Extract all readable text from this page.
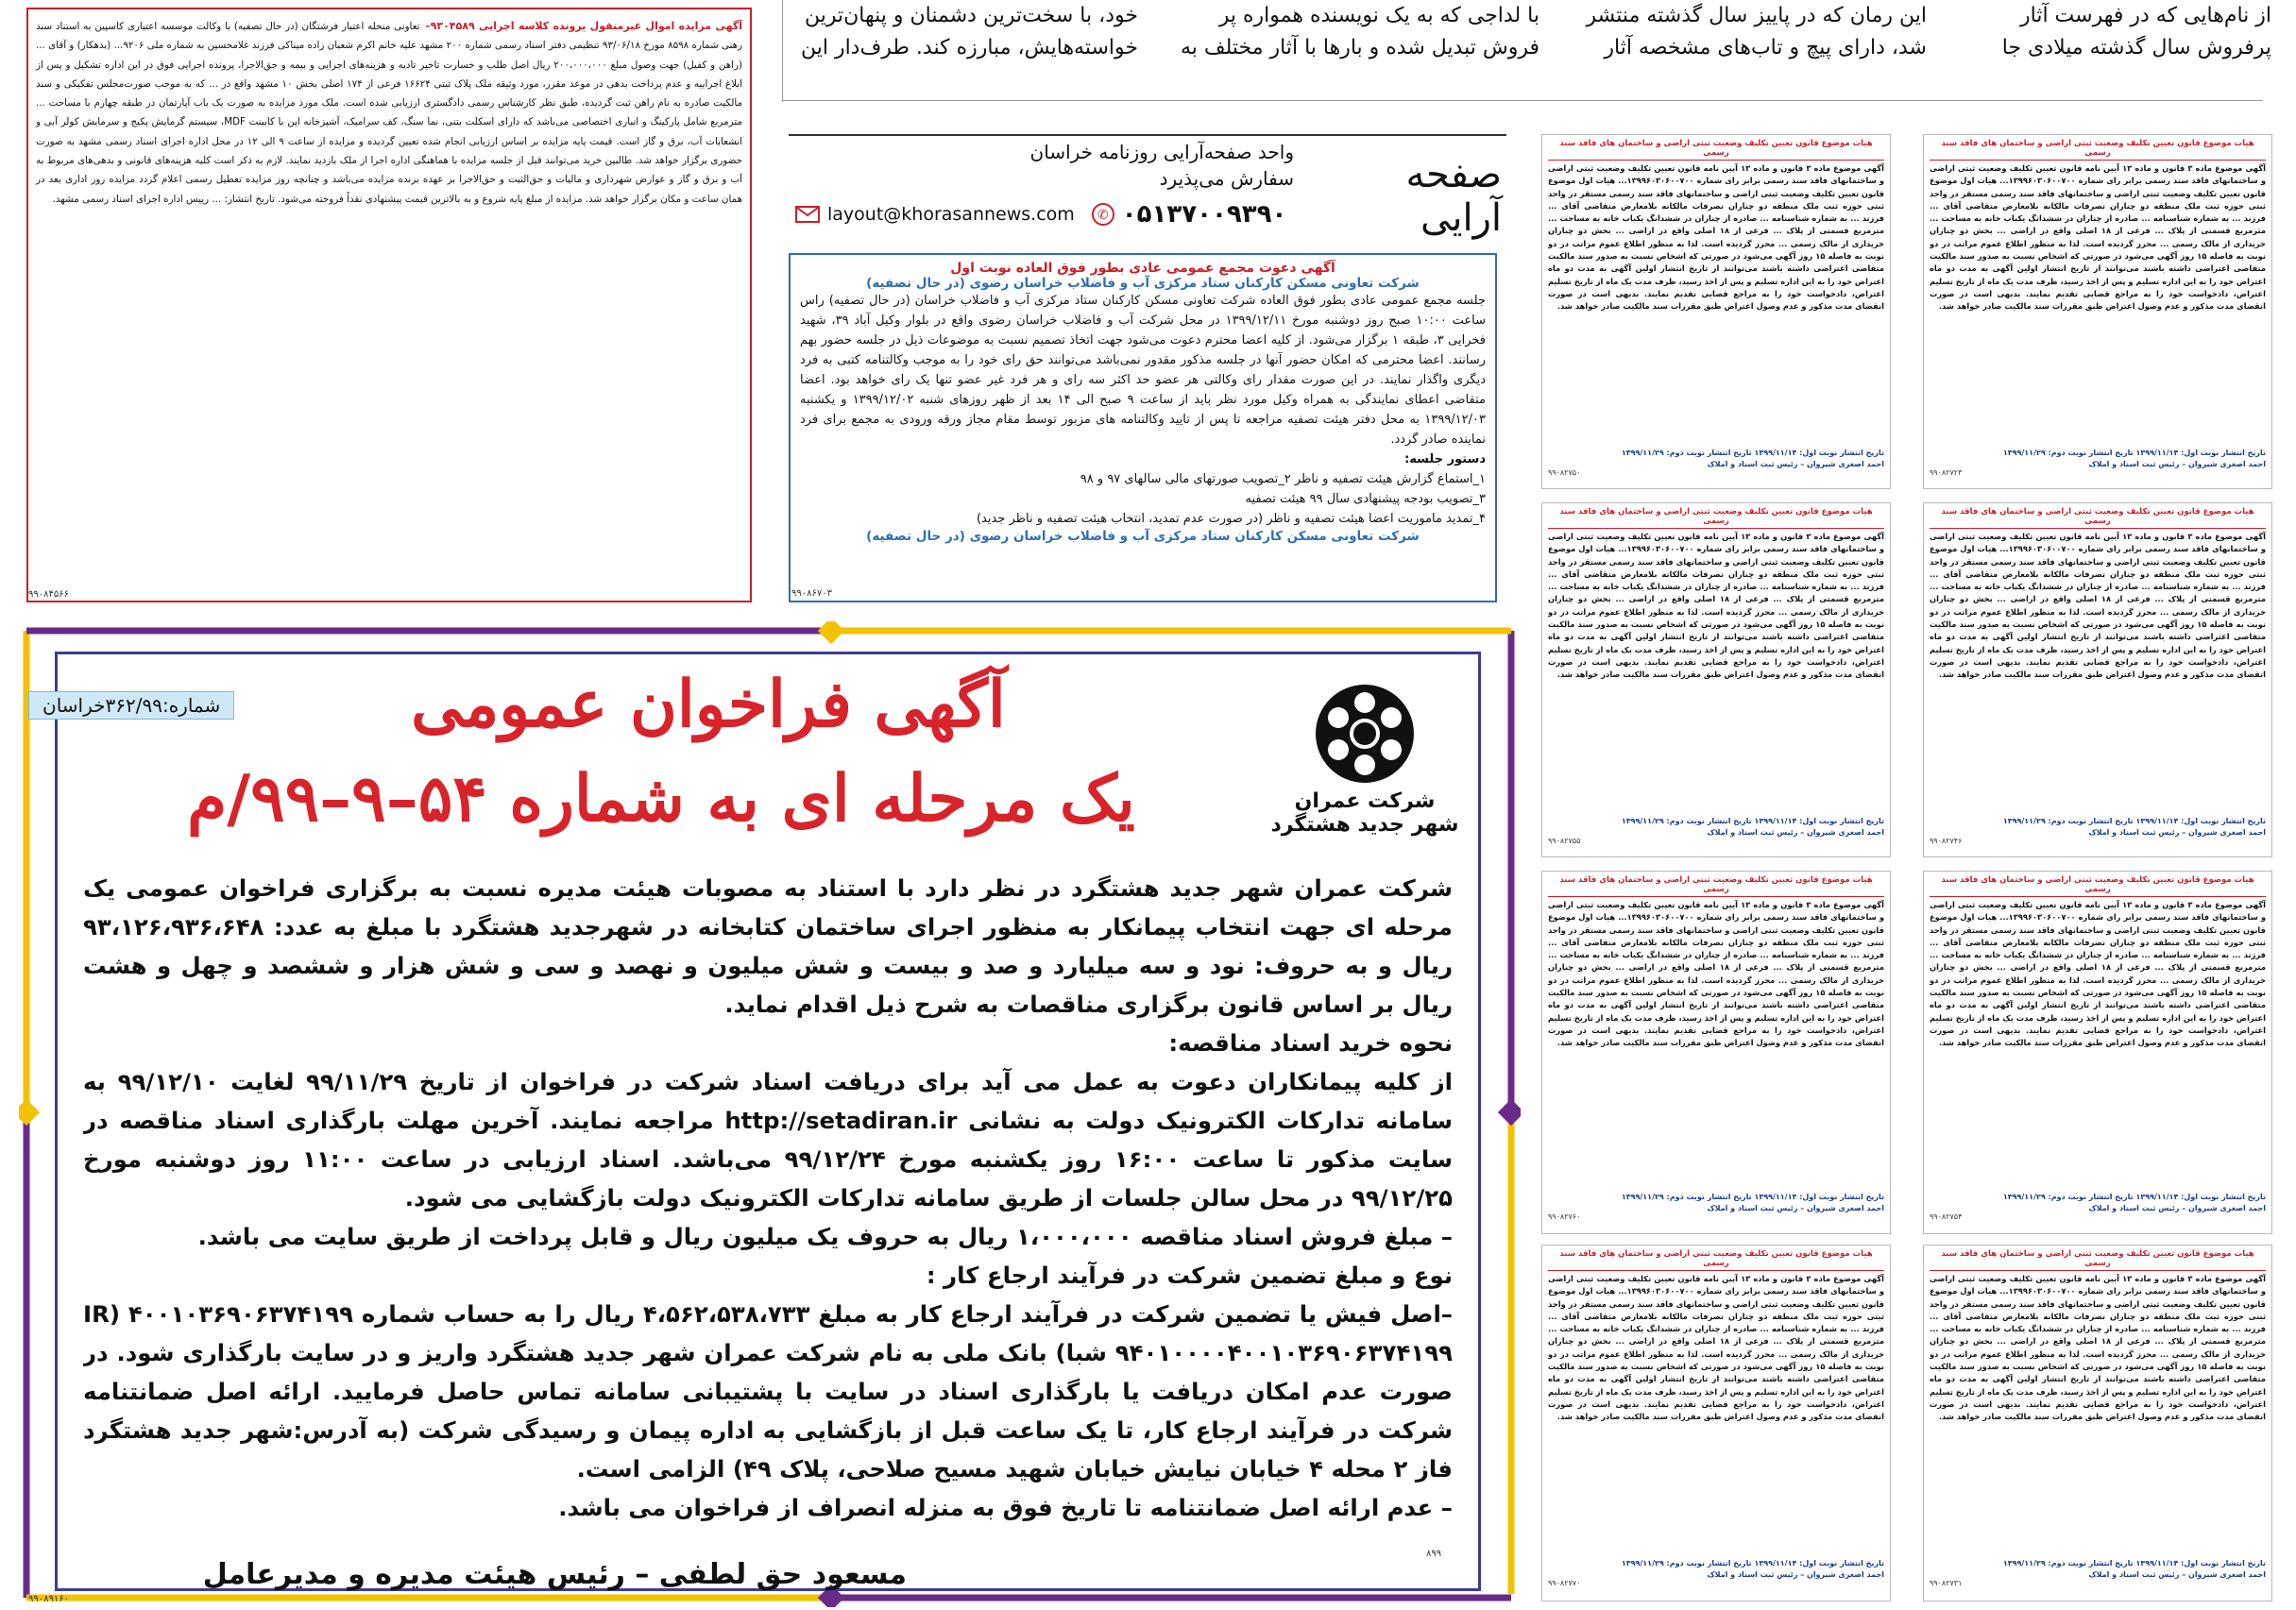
خود، با سخت‌ترین دشمنان و پنهان‌ترین خواسته‌هایش، مبارزه کند. طرف‌دار این
با لدا‌جی که به یک نویسنده همواره پر فروش تبدیل شده و بارها با آثار مختلف به
این رمان که در پاییز سال گذشته منتشر شد، دارای پیچ و تاب‌های مشخصه آثار
از نام‌هایی که در فهرست آثار پرفروش سال گذشته میلادی جا
آگهی مزایده اموال غیرمنقول پرونده کلاسه اجرایی ۹۳۰۴۵۸۹– تعاونی منحله اعتبار فرشتگان (در حال تصفیه) با وکالت موسسه اعتباری کاسپین به استناد سند رهنی شماره ۸۵۹۸ مورخ ۹۳/۰۶/۱۸ تنظیمی دفتر اسناد رسمی شماره ۲۰۰ مشهد علیه خانم اکرم شعبان زاده میناکی فرزند غلامحسین به شماره ملی ۹۲۰۶... (بدهکار) و آقای ... (راهن و کفیل) جهت وصول مبلغ ۲۰۰،۰۰۰،۰۰۰ ریال اصل طلب و خسارت تاخیر تادیه و هزینه‌های اجرایی و بیمه و حق‌الاجرا، پرونده اجرایی فوق در این اداره تشکیل و پس از ابلاغ اجراییه و عدم پرداخت بدهی در موعد مقرر، مورد وثیقه ملک پلاک ثبتی ۱۶۶۲۴ فرعی از ۱۷۴ اصلی بخش ۱۰ مشهد واقع در ... که به موجب صورت‌مجلس تفکیکی و سند مالکیت صادره به نام راهن ثبت گردیده، طبق نظر کارشناس رسمی دادگستری ارزیابی شده است. ملک مورد مزایده به صورت یک باب آپارتمان در طبقه چهارم با مساحت ... مترمربع شامل پارکینگ و انباری اختصاصی می‌باشد که دارای اسکلت بتنی، نما سنگ، کف سرامیک، آشپزخانه اپن با کابینت MDF، سیستم گرمایش پکیج و سرمایش کولر آبی و انشعابات آب، برق و گاز است. قیمت پایه مزایده بر اساس ارزیابی انجام شده تعیین گردیده و مزایده از ساعت ۹ الی ۱۲ در محل اداره اجرای اسناد رسمی مشهد به صورت حضوری برگزار خواهد شد. طالبین خرید می‌توانند قبل از جلسه مزایده با هماهنگی اداره اجرا از ملک بازدید نمایند. لازم به ذکر است کلیه هزینه‌های قانونی و بدهی‌های مربوط به آب و برق و گاز و عوارض شهرداری و مالیات و حق‌الثبت و حق‌الاجرا بر عهده برنده مزایده می‌باشد و چنانچه روز مزایده تعطیل رسمی اعلام گردد مزایده روز اداری بعد در همان ساعت و مکان برگزار خواهد شد. مزایده از مبلغ پایه شروع و به بالاترین قیمت پیشنهادی نقداً فروخته می‌شود. تاریخ انتشار: ... رییس اداره اجرای اسناد رسمی مشهد.
۹۹۰۸۴۵۶۶
صفحه آرایی
واحد صفحه‌آرایی روزنامه خراسان
سفارش می‌پذیرد
layout@khorasannews.com	✆ ۰۵۱۳۷۰۰۹۳۹۰
آگهی دعوت مجمع عمومی عادی بطور فوق العاده نوبت اول
شرکت تعاونی مسکن کارکنان ستاد مرکزی آب و فاضلاب خراسان رضوی (در حال تصفیه)
جلسه مجمع عمومی عادی بطور فوق العاده شرکت تعاونی مسکن کارکنان ستاد مرکزی آب و فاضلاب خراسان (در حال تصفیه) راس ساعت ۱۰:۰۰ صبح روز دوشنبه مورخ ۱۳۹۹/۱۲/۱۱ در محل شرکت آب و فاضلاب خراسان رضوی واقع در بلوار وکیل آباد ۳۹، شهید فخرایی ۳، طبقه ۱ برگزار می‌شود. از کلیه اعضا محترم دعوت می‌شود جهت اتخاذ تصمیم نسبت به موضوعات ذیل در جلسه حضور بهم رسانند. اعضا محترمی که امکان حضور آنها در جلسه مذکور مقدور نمی‌باشد می‌توانند حق رای خود را به موجب وکالتنامه کتبی به فرد دیگری واگذار نمایند. در این صورت مقدار رای وکالتی هر عضو حد اکثر سه رای و هر فرد غیر عضو تنها یک رای خواهد بود. اعضا متقاضی اعطای نمایندگی به همراه وکیل مورد نظر باید از ساعت ۹ صبح الی ۱۴ بعد از ظهر روزهای شنبه ۱۳۹۹/۱۲/۰۲ و یکشنبه ۱۳۹۹/۱۲/۰۳ به محل دفتر هیئت تصفیه مراجعه تا پس از تایید وکالتنامه های مزبور توسط مقام مجاز ورقه ورودی به مجمع برای فرد نماینده صادر گردد.
دستور جلسه:
۱_استماع گزارش هیئت تصفیه و ناظر ۲_تصویب صورتهای مالی سالهای ۹۷ و ۹۸
۳_تصویب بودجه پیشنهادی سال ۹۹ هیئت تصفیه
۴_تمدید ماموریت اعضا هیئت تصفیه و ناظر (در صورت عدم تمدید، انتخاب هیئت تصفیه و ناظر جدید)
شرکت تعاونی مسکن کارکنان ستاد مرکزی آب و فاضلاب خراسان رضوی (در حال تصفیه)
۹۹۰۸۶۷۰۳
هیات موضوع قانون تعیین تکلیف وضعیت ثبتی اراضی و ساختمان های فاقد سند رسمی
آگهی موضوع ماده ۳ قانون و ماده ۱۳ آیین نامه قانون تعیین تکلیف وضعیت ثبتی اراضی و ساختمانهای فاقد سند رسمی برابر رای شماره ۱۳۹۹۶۰۳۰۶۰۰۷۰۰... هیات اول موضوع قانون تعیین تکلیف وضعیت ثبتی اراضی و ساختمانهای فاقد سند رسمی مستقر در واحد ثبتی حوزه ثبت ملک منطقه دو چناران تصرفات مالکانه بلامعارض متقاضی آقای ... فرزند ... به شماره شناسنامه ... صادره از چناران در ششدانگ یکباب خانه به مساحت ... مترمربع قسمتی از پلاک ... فرعی از ۱۸ اصلی واقع در اراضی ... بخش دو چناران خریداری از مالک رسمی ... محرز گردیده است. لذا به منظور اطلاع عموم مراتب در دو نوبت به فاصله ۱۵ روز آگهی می‌شود در صورتی که اشخاص نسبت به صدور سند مالکیت متقاضی اعتراضی داشته باشند می‌توانند از تاریخ انتشار اولین آگهی به مدت دو ماه اعتراض خود را به این اداره تسلیم و پس از اخذ رسید، ظرف مدت یک ماه از تاریخ تسلیم اعتراض، دادخواست خود را به مراجع قضایی تقدیم نمایند. بدیهی است در صورت انقضای مدت مذکور و عدم وصول اعتراض طبق مقررات سند مالکیت صادر خواهد شد.
تاریخ انتشار نوبت اول: ۱۳۹۹/۱۱/۱۴ تاریخ انتشار نوبت دوم: ۱۳۹۹/۱۱/۲۹
احمد اصغری شیروان – رئیس ثبت اسناد و املاک
۹۹۰۸۲۷۵۰
هیات موضوع قانون تعیین تکلیف وضعیت ثبتی اراضی و ساختمان های فاقد سند رسمی
آگهی موضوع ماده ۳ قانون و ماده ۱۳ آیین نامه قانون تعیین تکلیف وضعیت ثبتی اراضی و ساختمانهای فاقد سند رسمی برابر رای شماره ۱۳۹۹۶۰۳۰۶۰۰۷۰۰... هیات اول موضوع قانون تعیین تکلیف وضعیت ثبتی اراضی و ساختمانهای فاقد سند رسمی مستقر در واحد ثبتی حوزه ثبت ملک منطقه دو چناران تصرفات مالکانه بلامعارض متقاضی آقای ... فرزند ... به شماره شناسنامه ... صادره از چناران در ششدانگ یکباب خانه به مساحت ... مترمربع قسمتی از پلاک ... فرعی از ۱۸ اصلی واقع در اراضی ... بخش دو چناران خریداری از مالک رسمی ... محرز گردیده است. لذا به منظور اطلاع عموم مراتب در دو نوبت به فاصله ۱۵ روز آگهی می‌شود در صورتی که اشخاص نسبت به صدور سند مالکیت متقاضی اعتراضی داشته باشند می‌توانند از تاریخ انتشار اولین آگهی به مدت دو ماه اعتراض خود را به این اداره تسلیم و پس از اخذ رسید، ظرف مدت یک ماه از تاریخ تسلیم اعتراض، دادخواست خود را به مراجع قضایی تقدیم نمایند. بدیهی است در صورت انقضای مدت مذکور و عدم وصول اعتراض طبق مقررات سند مالکیت صادر خواهد شد.
تاریخ انتشار نوبت اول: ۱۳۹۹/۱۱/۱۴ تاریخ انتشار نوبت دوم: ۱۳۹۹/۱۱/۲۹
احمد اصغری شیروان – رئیس ثبت اسناد و املاک
۹۹۰۸۲۷۵۵
هیات موضوع قانون تعیین تکلیف وضعیت ثبتی اراضی و ساختمان های فاقد سند رسمی
آگهی موضوع ماده ۳ قانون و ماده ۱۳ آیین نامه قانون تعیین تکلیف وضعیت ثبتی اراضی و ساختمانهای فاقد سند رسمی برابر رای شماره ۱۳۹۹۶۰۳۰۶۰۰۷۰۰... هیات اول موضوع قانون تعیین تکلیف وضعیت ثبتی اراضی و ساختمانهای فاقد سند رسمی مستقر در واحد ثبتی حوزه ثبت ملک منطقه دو چناران تصرفات مالکانه بلامعارض متقاضی آقای ... فرزند ... به شماره شناسنامه ... صادره از چناران در ششدانگ یکباب خانه به مساحت ... مترمربع قسمتی از پلاک ... فرعی از ۱۸ اصلی واقع در اراضی ... بخش دو چناران خریداری از مالک رسمی ... محرز گردیده است. لذا به منظور اطلاع عموم مراتب در دو نوبت به فاصله ۱۵ روز آگهی می‌شود در صورتی که اشخاص نسبت به صدور سند مالکیت متقاضی اعتراضی داشته باشند می‌توانند از تاریخ انتشار اولین آگهی به مدت دو ماه اعتراض خود را به این اداره تسلیم و پس از اخذ رسید، ظرف مدت یک ماه از تاریخ تسلیم اعتراض، دادخواست خود را به مراجع قضایی تقدیم نمایند. بدیهی است در صورت انقضای مدت مذکور و عدم وصول اعتراض طبق مقررات سند مالکیت صادر خواهد شد.
تاریخ انتشار نوبت اول: ۱۳۹۹/۱۱/۱۴ تاریخ انتشار نوبت دوم: ۱۳۹۹/۱۱/۲۹
احمد اصغری شیروان – رئیس ثبت اسناد و املاک
۹۹۰۸۲۷۶۰
هیات موضوع قانون تعیین تکلیف وضعیت ثبتی اراضی و ساختمان های فاقد سند رسمی
آگهی موضوع ماده ۳ قانون و ماده ۱۳ آیین نامه قانون تعیین تکلیف وضعیت ثبتی اراضی و ساختمانهای فاقد سند رسمی برابر رای شماره ۱۳۹۹۶۰۳۰۶۰۰۷۰۰... هیات اول موضوع قانون تعیین تکلیف وضعیت ثبتی اراضی و ساختمانهای فاقد سند رسمی مستقر در واحد ثبتی حوزه ثبت ملک منطقه دو چناران تصرفات مالکانه بلامعارض متقاضی آقای ... فرزند ... به شماره شناسنامه ... صادره از چناران در ششدانگ یکباب خانه به مساحت ... مترمربع قسمتی از پلاک ... فرعی از ۱۸ اصلی واقع در اراضی ... بخش دو چناران خریداری از مالک رسمی ... محرز گردیده است. لذا به منظور اطلاع عموم مراتب در دو نوبت به فاصله ۱۵ روز آگهی می‌شود در صورتی که اشخاص نسبت به صدور سند مالکیت متقاضی اعتراضی داشته باشند می‌توانند از تاریخ انتشار اولین آگهی به مدت دو ماه اعتراض خود را به این اداره تسلیم و پس از اخذ رسید، ظرف مدت یک ماه از تاریخ تسلیم اعتراض، دادخواست خود را به مراجع قضایی تقدیم نمایند. بدیهی است در صورت انقضای مدت مذکور و عدم وصول اعتراض طبق مقررات سند مالکیت صادر خواهد شد.
تاریخ انتشار نوبت اول: ۱۳۹۹/۱۱/۱۴ تاریخ انتشار نوبت دوم: ۱۳۹۹/۱۱/۲۹
احمد اصغری شیروان – رئیس ثبت اسناد و املاک
۹۹۰۸۲۷۷۰
هیات موضوع قانون تعیین تکلیف وضعیت ثبتی اراضی و ساختمان های فاقد سند رسمی
آگهی موضوع ماده ۳ قانون و ماده ۱۳ آیین نامه قانون تعیین تکلیف وضعیت ثبتی اراضی و ساختمانهای فاقد سند رسمی برابر رای شماره ۱۳۹۹۶۰۳۰۶۰۰۷۰۰... هیات اول موضوع قانون تعیین تکلیف وضعیت ثبتی اراضی و ساختمانهای فاقد سند رسمی مستقر در واحد ثبتی حوزه ثبت ملک منطقه دو چناران تصرفات مالکانه بلامعارض متقاضی آقای ... فرزند ... به شماره شناسنامه ... صادره از چناران در ششدانگ یکباب خانه به مساحت ... مترمربع قسمتی از پلاک ... فرعی از ۱۸ اصلی واقع در اراضی ... بخش دو چناران خریداری از مالک رسمی ... محرز گردیده است. لذا به منظور اطلاع عموم مراتب در دو نوبت به فاصله ۱۵ روز آگهی می‌شود در صورتی که اشخاص نسبت به صدور سند مالکیت متقاضی اعتراضی داشته باشند می‌توانند از تاریخ انتشار اولین آگهی به مدت دو ماه اعتراض خود را به این اداره تسلیم و پس از اخذ رسید، ظرف مدت یک ماه از تاریخ تسلیم اعتراض، دادخواست خود را به مراجع قضایی تقدیم نمایند. بدیهی است در صورت انقضای مدت مذکور و عدم وصول اعتراض طبق مقررات سند مالکیت صادر خواهد شد.
تاریخ انتشار نوبت اول: ۱۳۹۹/۱۱/۱۴ تاریخ انتشار نوبت دوم: ۱۳۹۹/۱۱/۲۹
احمد اصغری شیروان – رئیس ثبت اسناد و املاک
۹۹۰۸۲۷۲۳
هیات موضوع قانون تعیین تکلیف وضعیت ثبتی اراضی و ساختمان های فاقد سند رسمی
آگهی موضوع ماده ۳ قانون و ماده ۱۳ آیین نامه قانون تعیین تکلیف وضعیت ثبتی اراضی و ساختمانهای فاقد سند رسمی برابر رای شماره ۱۳۹۹۶۰۳۰۶۰۰۷۰۰... هیات اول موضوع قانون تعیین تکلیف وضعیت ثبتی اراضی و ساختمانهای فاقد سند رسمی مستقر در واحد ثبتی حوزه ثبت ملک منطقه دو چناران تصرفات مالکانه بلامعارض متقاضی آقای ... فرزند ... به شماره شناسنامه ... صادره از چناران در ششدانگ یکباب خانه به مساحت ... مترمربع قسمتی از پلاک ... فرعی از ۱۸ اصلی واقع در اراضی ... بخش دو چناران خریداری از مالک رسمی ... محرز گردیده است. لذا به منظور اطلاع عموم مراتب در دو نوبت به فاصله ۱۵ روز آگهی می‌شود در صورتی که اشخاص نسبت به صدور سند مالکیت متقاضی اعتراضی داشته باشند می‌توانند از تاریخ انتشار اولین آگهی به مدت دو ماه اعتراض خود را به این اداره تسلیم و پس از اخذ رسید، ظرف مدت یک ماه از تاریخ تسلیم اعتراض، دادخواست خود را به مراجع قضایی تقدیم نمایند. بدیهی است در صورت انقضای مدت مذکور و عدم وصول اعتراض طبق مقررات سند مالکیت صادر خواهد شد.
تاریخ انتشار نوبت اول: ۱۳۹۹/۱۱/۱۴ تاریخ انتشار نوبت دوم: ۱۳۹۹/۱۱/۲۹
احمد اصغری شیروان – رئیس ثبت اسناد و املاک
۹۹۰۸۲۷۴۶
هیات موضوع قانون تعیین تکلیف وضعیت ثبتی اراضی و ساختمان های فاقد سند رسمی
آگهی موضوع ماده ۳ قانون و ماده ۱۳ آیین نامه قانون تعیین تکلیف وضعیت ثبتی اراضی و ساختمانهای فاقد سند رسمی برابر رای شماره ۱۳۹۹۶۰۳۰۶۰۰۷۰۰... هیات اول موضوع قانون تعیین تکلیف وضعیت ثبتی اراضی و ساختمانهای فاقد سند رسمی مستقر در واحد ثبتی حوزه ثبت ملک منطقه دو چناران تصرفات مالکانه بلامعارض متقاضی آقای ... فرزند ... به شماره شناسنامه ... صادره از چناران در ششدانگ یکباب خانه به مساحت ... مترمربع قسمتی از پلاک ... فرعی از ۱۸ اصلی واقع در اراضی ... بخش دو چناران خریداری از مالک رسمی ... محرز گردیده است. لذا به منظور اطلاع عموم مراتب در دو نوبت به فاصله ۱۵ روز آگهی می‌شود در صورتی که اشخاص نسبت به صدور سند مالکیت متقاضی اعتراضی داشته باشند می‌توانند از تاریخ انتشار اولین آگهی به مدت دو ماه اعتراض خود را به این اداره تسلیم و پس از اخذ رسید، ظرف مدت یک ماه از تاریخ تسلیم اعتراض، دادخواست خود را به مراجع قضایی تقدیم نمایند. بدیهی است در صورت انقضای مدت مذکور و عدم وصول اعتراض طبق مقررات سند مالکیت صادر خواهد شد.
تاریخ انتشار نوبت اول: ۱۳۹۹/۱۱/۱۴ تاریخ انتشار نوبت دوم: ۱۳۹۹/۱۱/۲۹
احمد اصغری شیروان – رئیس ثبت اسناد و املاک
۹۹۰۸۲۷۵۴
هیات موضوع قانون تعیین تکلیف وضعیت ثبتی اراضی و ساختمان های فاقد سند رسمی
آگهی موضوع ماده ۳ قانون و ماده ۱۳ آیین نامه قانون تعیین تکلیف وضعیت ثبتی اراضی و ساختمانهای فاقد سند رسمی برابر رای شماره ۱۳۹۹۶۰۳۰۶۰۰۷۰۰... هیات اول موضوع قانون تعیین تکلیف وضعیت ثبتی اراضی و ساختمانهای فاقد سند رسمی مستقر در واحد ثبتی حوزه ثبت ملک منطقه دو چناران تصرفات مالکانه بلامعارض متقاضی آقای ... فرزند ... به شماره شناسنامه ... صادره از چناران در ششدانگ یکباب خانه به مساحت ... مترمربع قسمتی از پلاک ... فرعی از ۱۸ اصلی واقع در اراضی ... بخش دو چناران خریداری از مالک رسمی ... محرز گردیده است. لذا به منظور اطلاع عموم مراتب در دو نوبت به فاصله ۱۵ روز آگهی می‌شود در صورتی که اشخاص نسبت به صدور سند مالکیت متقاضی اعتراضی داشته باشند می‌توانند از تاریخ انتشار اولین آگهی به مدت دو ماه اعتراض خود را به این اداره تسلیم و پس از اخذ رسید، ظرف مدت یک ماه از تاریخ تسلیم اعتراض، دادخواست خود را به مراجع قضایی تقدیم نمایند. بدیهی است در صورت انقضای مدت مذکور و عدم وصول اعتراض طبق مقررات سند مالکیت صادر خواهد شد.
تاریخ انتشار نوبت اول: ۱۳۹۹/۱۱/۱۴ تاریخ انتشار نوبت دوم: ۱۳۹۹/۱۱/۲۹
احمد اصغری شیروان – رئیس ثبت اسناد و املاک
۹۹۰۸۲۷۳۱
شماره:۳۶۲/۹۹خراسان	آگهی فراخوان عمومی
یک مرحله ای به شماره ۵۴–۹–۹۹/م	شرکت عمران
شهر جدید هشتگرد
شرکت عمران شهر جدید هشتگرد در نظر دارد با استناد به مصوبات هیئت مدیره نسبت به برگزاری فراخوان عمومی یک مرحله ای جهت انتخاب پیمانکار به منظور اجرای ساختمان کتابخانه در شهرجدید هشتگرد با مبلغ به عدد: ۹۳،۱۲۶،۹۳۶،۶۴۸ ریال و به حروف: نود و سه میلیارد و صد و بیست و شش میلیون و نهصد و سی و شش هزار و ششصد و چهل و هشت ریال بر اساس قانون برگزاری مناقصات به شرح ذیل اقدام نماید.
نحوه خرید اسناد مناقصه:
از کلیه پیمانکاران دعوت به عمل می آید برای دریافت اسناد شرکت در فراخوان از تاریخ ۹۹/۱۱/۲۹ لغایت ۹۹/۱۲/۱۰ به سامانه تدارکات الکترونیک دولت به نشانی http://setadiran.ir مراجعه نمایند. آخرین مهلت بارگذاری اسناد مناقصه در سایت مذکور تا ساعت ۱۶:۰۰ روز یکشنبه مورخ ۹۹/۱۲/۲۴ می‌باشد. اسناد ارزیابی در ساعت ۱۱:۰۰ روز دوشنبه مورخ ۹۹/۱۲/۲۵ در محل سالن جلسات از طریق سامانه تدارکات الکترونیک دولت بازگشایی می شود.
– مبلغ فروش اسناد مناقصه ۱،۰۰۰،۰۰۰ ریال به حروف یک میلیون ریال و قابل پرداخت از طریق سایت می باشد.
نوع و مبلغ تضمین شرکت در فرآیند ارجاع کار :
–اصل فیش یا تضمین شرکت در فرآیند ارجاع کار به مبلغ ۴،۵۶۲،۵۳۸،۷۳۳ ریال را به حساب شماره ۴۰۰۱۰۳۶۹۰۶۳۷۴۱۹۹ (IR ۹۴۰۱۰۰۰۰۴۰۰۱۰۳۶۹۰۶۳۷۴۱۹۹ شبا) بانک ملی به نام شرکت عمران شهر جدید هشتگرد واریز و در سایت بارگذاری شود. در صورت عدم امکان دریافت یا بارگذاری اسناد در سایت با پشتیبانی سامانه تماس حاصل فرمایید. ارائه اصل ضمانتنامه شرکت در فرآیند ارجاع کار، تا یک ساعت قبل از بازگشایی به اداره پیمان و رسیدگی شرکت (به آدرس:شهر جدید هشتگرد فاز ۲ محله ۴ خیابان نیایش خیابان شهید مسیح صلاحی، پلاک ۴۹) الزامی است.
– عدم ارائه اصل ضمانتنامه تا تاریخ فوق به منزله انصراف از فراخوان می باشد.
مسعود حق لطفی – رئیس هیئت مدیره و مدیرعامل
۸۹۹
۹۹۰۸۹۱۶۰
